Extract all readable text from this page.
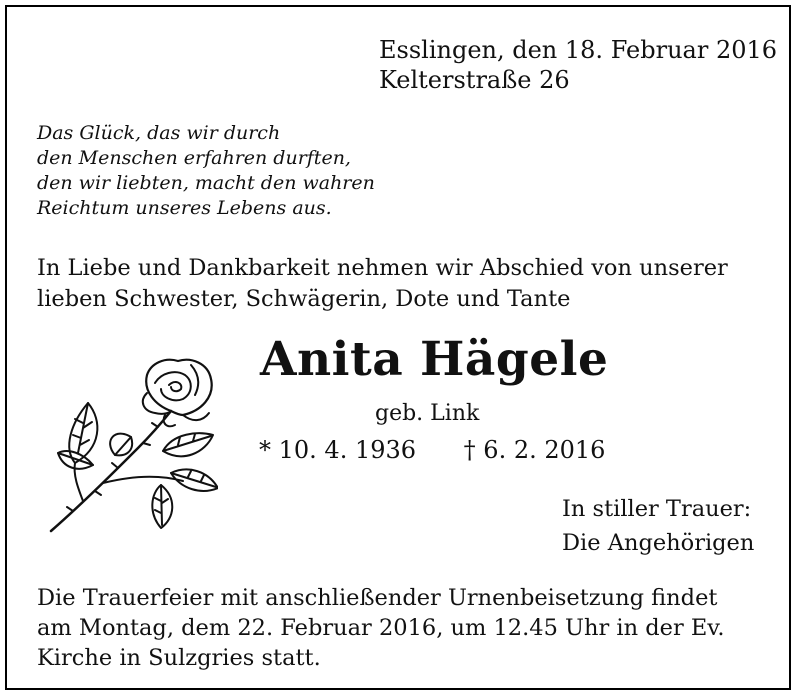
Esslingen, den 18. Februar 2016
Kelterstraße 26
Das Glück, das wir durch
den Menschen erfahren durften,
den wir liebten, macht den wahren
Reichtum unseres Lebens aus.
In Liebe und Dankbarkeit nehmen wir Abschied von unserer
lieben Schwester, Schwägerin, Dote und Tante
Anita Hägele
geb. Link
* 10. 4. 1936 † 6. 2. 2016
In stiller Trauer:
Die Angehörigen
Die Trauerfeier mit anschließender Urnenbeisetzung findet
am Montag, dem 22. Februar 2016, um 12.45 Uhr in der Ev.
Kirche in Sulzgries statt.
